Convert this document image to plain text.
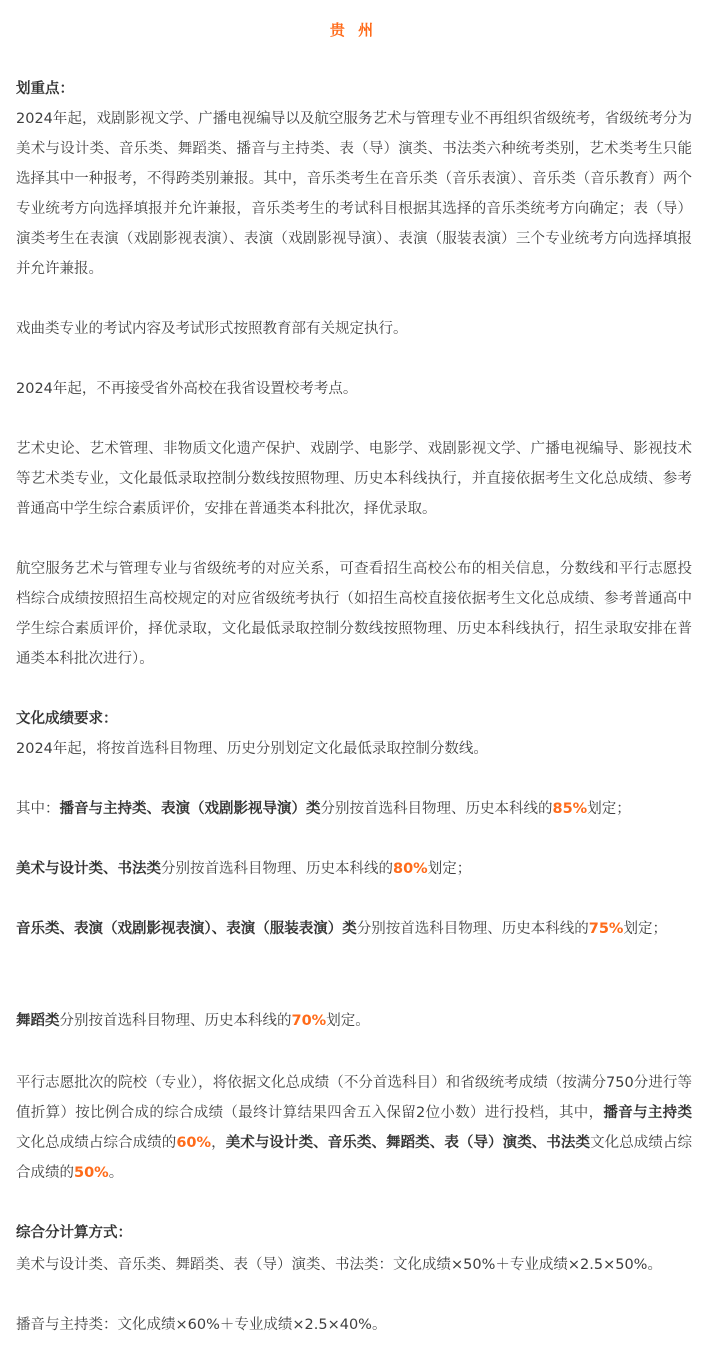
贵 州

划重点：

2024年起，戏剧影视文学、广播电视编导以及航空服务艺术与管理专业不再组织省级统考，省级统考分为美术与设计类、音乐类、舞蹈类、播音与主持类、表（导）演类、书法类六种统考类别，艺术类考生只能选择其中一种报考，不得跨类别兼报。其中，音乐类考生在音乐类（音乐表演）、音乐类（音乐教育）两个专业统考方向选择填报并允许兼报，音乐类考生的考试科目根据其选择的音乐类统考方向确定；表（导）演类考生在表演（戏剧影视表演）、表演（戏剧影视导演）、表演（服装表演）三个专业统考方向选择填报并允许兼报。

戏曲类专业的考试内容及考试形式按照教育部有关规定执行。

2024年起，不再接受省外高校在我省设置校考考点。

艺术史论、艺术管理、非物质文化遗产保护、戏剧学、电影学、戏剧影视文学、广播电视编导、影视技术等艺术类专业，文化最低录取控制分数线按照物理、历史本科线执行，并直接依据考生文化总成绩、参考普通高中学生综合素质评价，安排在普通类本科批次，择优录取。

航空服务艺术与管理专业与省级统考的对应关系，可查看招生高校公布的相关信息，分数线和平行志愿投档综合成绩按照招生高校规定的对应省级统考执行（如招生高校直接依据考生文化总成绩、参考普通高中学生综合素质评价，择优录取，文化最低录取控制分数线按照物理、历史本科线执行，招生录取安排在普通类本科批次进行）。

文化成绩要求：

2024年起，将按首选科目物理、历史分别划定文化最低录取控制分数线。

其中：播音与主持类、表演（戏剧影视导演）类分别按首选科目物理、历史本科线的85%划定；

美术与设计类、书法类分别按首选科目物理、历史本科线的80%划定；

音乐类、表演（戏剧影视表演）、表演（服装表演）类分别按首选科目物理、历史本科线的75%划定；

舞蹈类分别按首选科目物理、历史本科线的70%划定。

平行志愿批次的院校（专业），将依据文化总成绩（不分首选科目）和省级统考成绩（按满分750分进行等值折算）按比例合成的综合成绩（最终计算结果四舍五入保留2位小数）进行投档，其中，播音与主持类文化总成绩占综合成绩的60%，美术与设计类、音乐类、舞蹈类、表（导）演类、书法类文化总成绩占综合成绩的50%。

综合分计算方式：

美术与设计类、音乐类、舞蹈类、表（导）演类、书法类：文化成绩×50%＋专业成绩×2.5×50%。

播音与主持类：文化成绩×60%＋专业成绩×2.5×40%。
